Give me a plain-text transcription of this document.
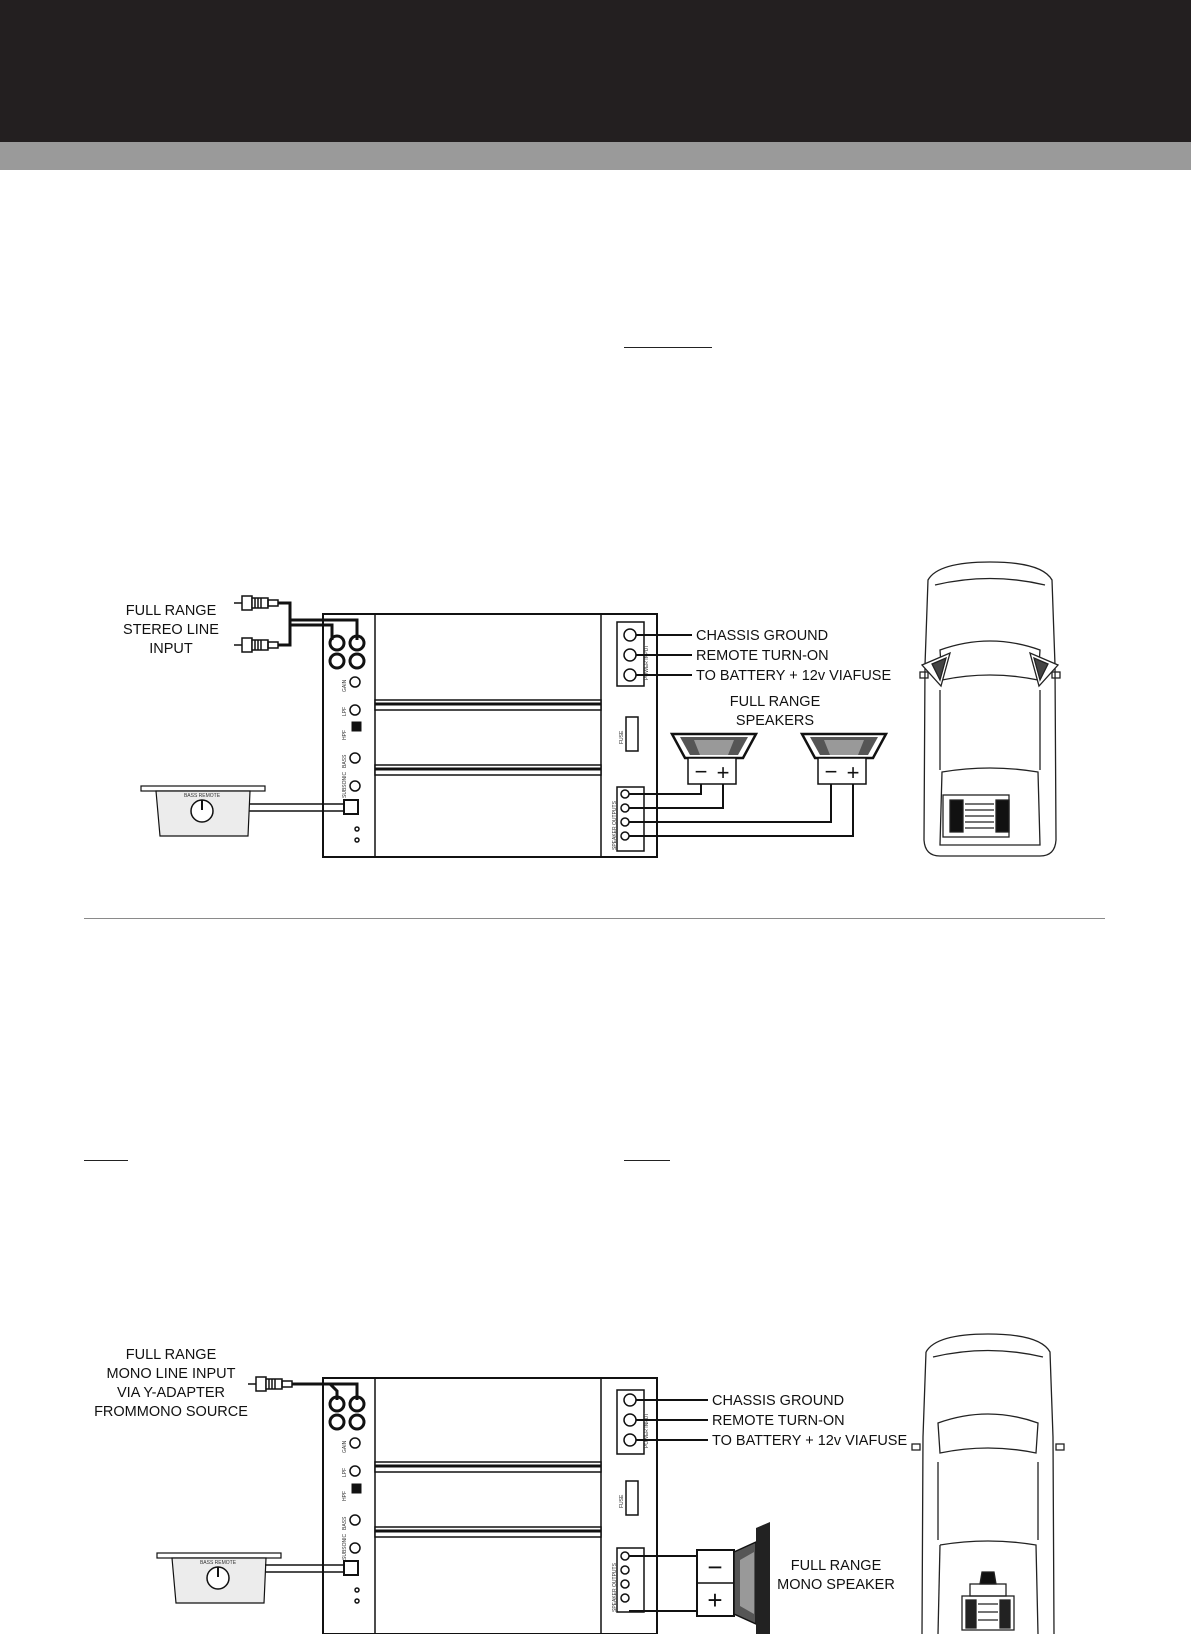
FULL RANGE
STEREO LINE
INPUT
FUSE
SPEAKER OUTPUTS
POWER INPUT
GAIN
LPF
HPF
BASS
SUBSONIC
BASS REMOTE
CHASSIS GROUND
REMOTE TURN-ON
TO BATTERY + 12v VIAFUSE
FULL RANGE
SPEAKERS
− +	− +
FULL RANGE
MONO LINE INPUT
VIA Y-ADAPTER
FROMMONO SOURCE
FUSE
SPEAKER OUTPUTS
POWER INPUT
GAIN
LPF
HPF
BASS
SUBSONIC
BASS REMOTE
CHASSIS GROUND
REMOTE TURN-ON
TO BATTERY + 12v VIAFUSE
−
+
FULL RANGE
MONO SPEAKER
